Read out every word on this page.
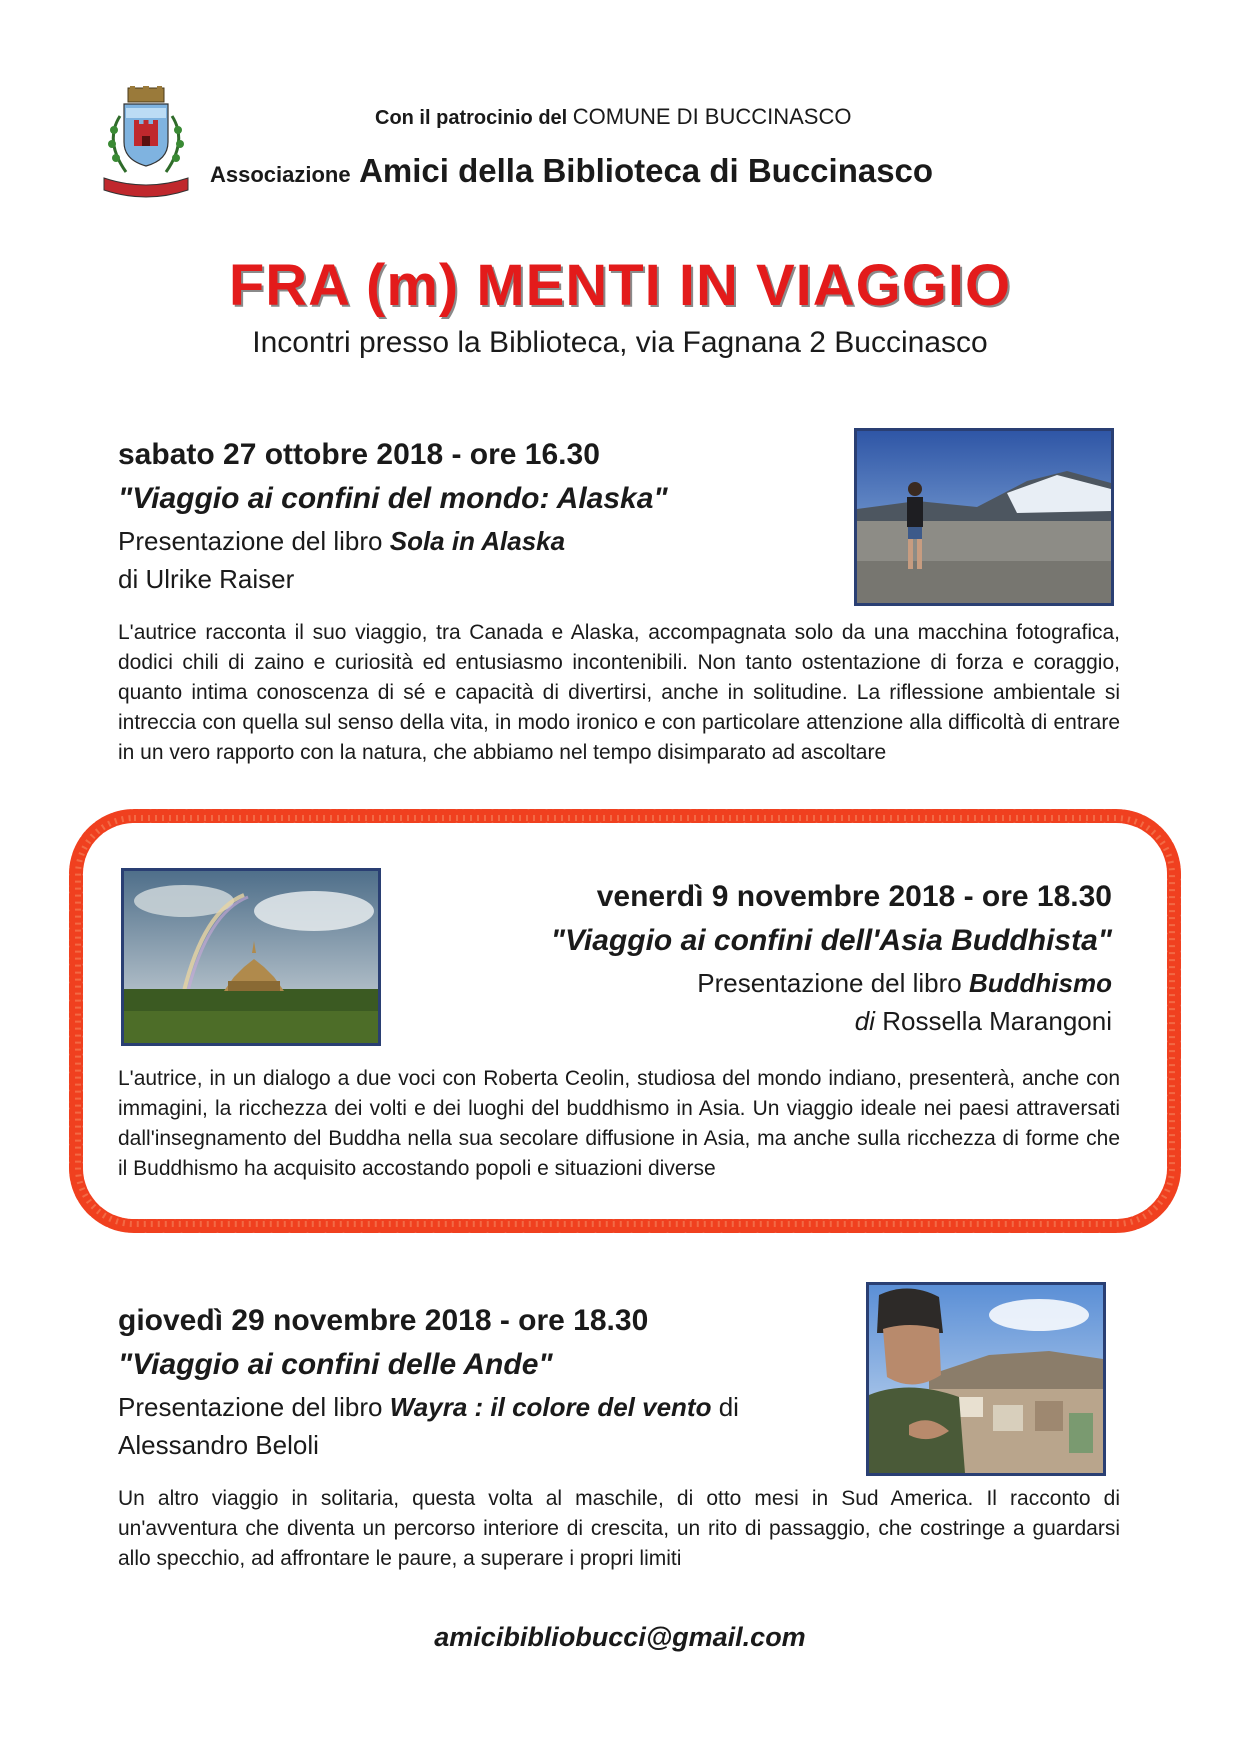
Con il patrocinio del COMUNE DI BUCCINASCO
Associazione Amici della Biblioteca di Buccinasco
FRA (m) MENTI IN VIAGGIO
Incontri presso la Biblioteca, via Fagnana 2 Buccinasco
sabato 27 ottobre 2018 - ore 16.30
"Viaggio ai confini del mondo: Alaska"
Presentazione del libro Sola in Alaska
di Ulrike Raiser
L'autrice racconta il suo viaggio, tra Canada e Alaska, accompagnata solo da una macchina fotografica, dodici chili di zaino e curiosità ed entusiasmo incontenibili. Non tanto ostentazione di forza e coraggio, quanto intima conoscenza di sé e capacità di divertirsi, anche in solitudine. La riflessione ambientale si intreccia con quella sul senso della vita, in modo ironico e con particolare attenzione alla difficoltà di entrare in un vero rapporto con la natura, che abbiamo nel tempo disimparato ad ascoltare
venerdì 9 novembre 2018 - ore 18.30
"Viaggio ai confini dell'Asia Buddhista"
Presentazione del libro Buddhismo
di Rossella Marangoni
L'autrice, in un dialogo a due voci con Roberta Ceolin, studiosa del mondo indiano, presenterà, anche con immagini, la ricchezza dei volti e dei luoghi del buddhismo in Asia. Un viaggio ideale nei paesi attraversati dall'insegnamento del Buddha nella sua secolare diffusione in Asia, ma anche sulla ricchezza di forme che il Buddhismo ha acquisito accostando popoli e situazioni diverse
giovedì 29 novembre 2018 - ore 18.30
"Viaggio ai confini delle Ande"
Presentazione del libro Wayra : il colore del vento di
Alessandro Beloli
Un altro viaggio in solitaria, questa volta al maschile, di otto mesi in Sud America. Il racconto di un'avventura che diventa un percorso interiore di crescita, un rito di passaggio, che costringe a guardarsi allo specchio, ad affrontare le paure, a superare i propri limiti
amicibibliobucci@gmail.com
